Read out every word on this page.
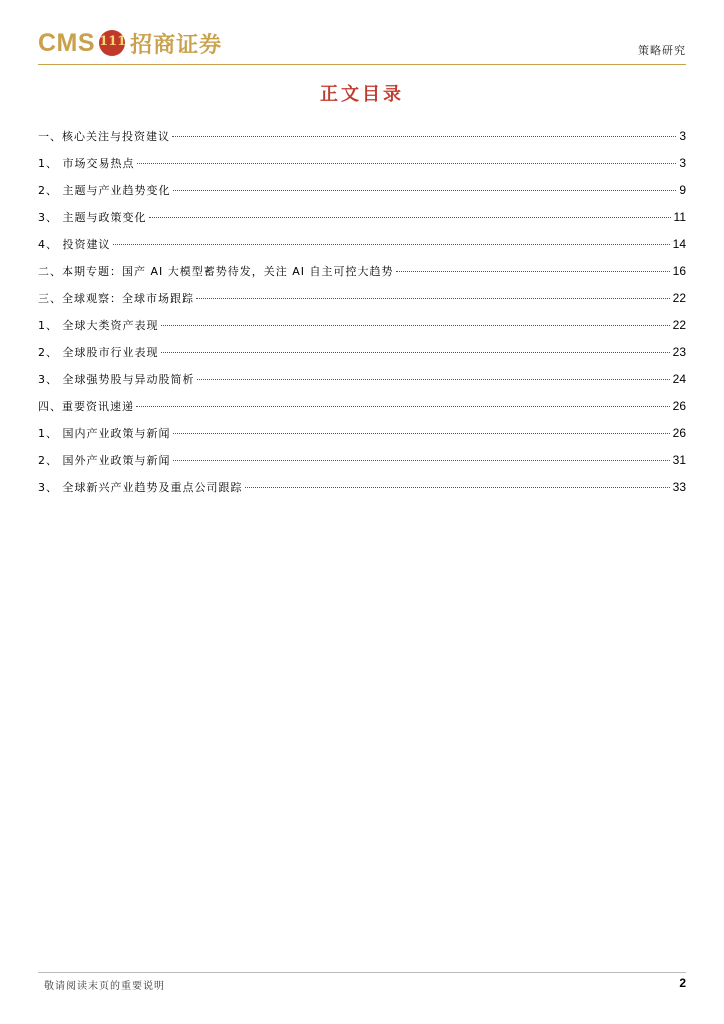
CMS 111 招商证券	策略研究
正文目录
一、核心关注与投资建议	3
1、 市场交易热点	3
2、 主题与产业趋势变化	9
3、 主题与政策变化	11
4、 投资建议	14
二、本期专题：国产 AI 大模型蓄势待发，关注 AI 自主可控大趋势	16
三、全球观察：全球市场跟踪	22
1、 全球大类资产表现	22
2、 全球股市行业表现	23
3、 全球强势股与异动股简析	24
四、重要资讯速递	26
1、 国内产业政策与新闻	26
2、 国外产业政策与新闻	31
3、 全球新兴产业趋势及重点公司跟踪	33
敬请阅读末页的重要说明	2
